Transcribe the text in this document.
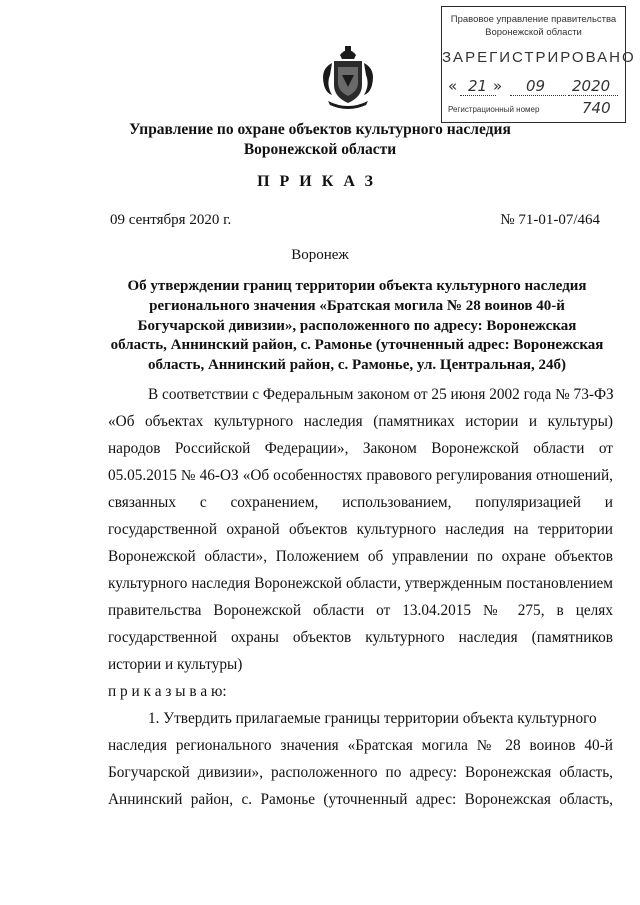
Правовое управление правительства
Воронежской области
ЗАРЕГИСТРИРОВАНО
« 21 » 09 2020
Регистрационный номер	740
Управление по охране объектов культурного наследия
Воронежской области
ПРИКАЗ
09 сентября 2020 г.	№ 71-01-07/464
Воронеж
Об утверждении границ территории объекта культурного наследия регионального значения «Братская могила № 28 воинов 40-й Богучарской дивизии», расположенного по адресу: Воронежская область, Аннинский район, с. Рамонье (уточненный адрес: Воронежская область, Аннинский район, с. Рамонье, ул. Центральная, 24б)
В соответствии с Федеральным законом от 25 июня 2002 года № 73-ФЗ
«Об объектах культурного наследия (памятниках истории и культуры)
народов Российской Федерации», Законом Воронежской области от
05.05.2015 № 46-ОЗ «Об особенностях правового регулирования отношений,
связанных с сохранением, использованием, популяризацией и
государственной охраной объектов культурного наследия на территории
Воронежской области», Положением об управлении по охране объектов
культурного наследия Воронежской области, утвержденным постановлением
правительства Воронежской области от 13.04.2015 № 275, в целях
государственной охраны объектов культурного наследия (памятников
истории и культуры)
п р и к а з ы в а ю:
1. Утвердить прилагаемые границы территории объекта культурного
наследия регионального значения «Братская могила № 28 воинов 40-й
Богучарской дивизии», расположенного по адресу: Воронежская область,
Аннинский район, с. Рамонье (уточненный адрес: Воронежская область,
